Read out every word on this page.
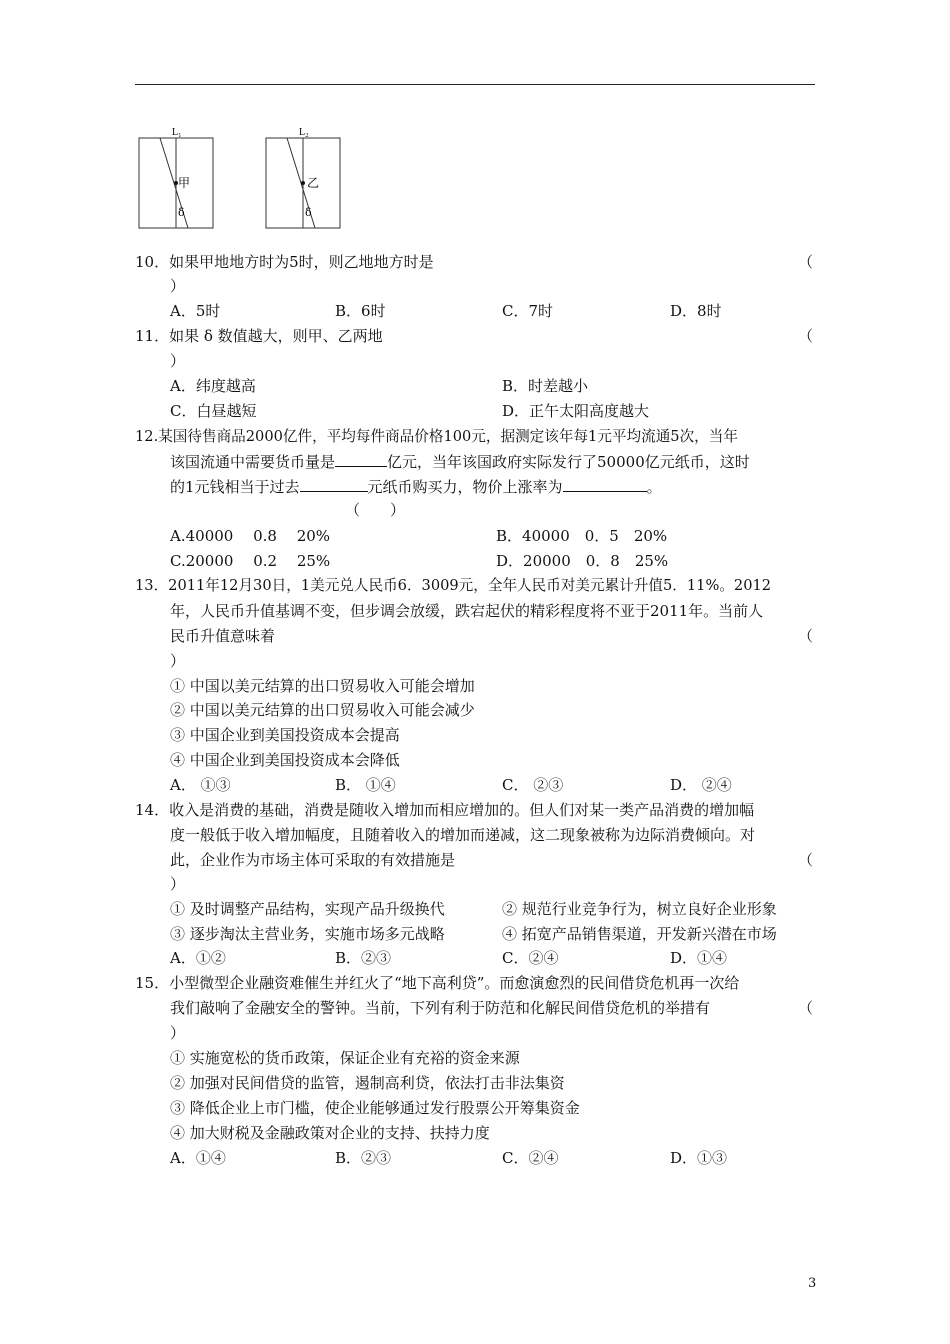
L₁
甲
δ
L₂
乙
δ
10．如果甲地地方时为5时，则乙地地方时是	（
）
A．5时	B．6时	C．7时	D．8时
11．如果 δ 数值越大，则甲、乙两地	（
）
A．纬度越高	B．时差越小
C．白昼越短	D．正午太阳高度越大
12.某国待售商品2000亿件，平均每件商品价格100元，据测定该年每1元平均流通5次，当年
该国流通中需要货币量是	亿元，当年该国政府实际发行了50000亿元纸币，这时
的1元钱相当于过去	元纸币购买力，物价上涨率为	。
（　　）
A.40000　 0.8 　20%	B．40000　0．5　20%
C.20000　 0.2 　25%	D．20000　0．8　25%
13．2011年12月30日，1美元兑人民币6．3009元，全年人民币对美元累计升值5．11%。2012
年，人民币升值基调不变，但步调会放缓，跌宕起伏的精彩程度将不亚于2011年。当前人
民币升值意味着	（
）
① 中国以美元结算的出口贸易收入可能会增加
② 中国以美元结算的出口贸易收入可能会减少
③ 中国企业到美国投资成本会提高
④ 中国企业到美国投资成本会降低
A． ①③	B． ①④	C． ②③	D． ②④
14．收入是消费的基础，消费是随收入增加而相应增加的。但人们对某一类产品消费的增加幅
度一般低于收入增加幅度，且随着收入的增加而递减，这二现象被称为边际消费倾向。对
此，企业作为市场主体可采取的有效措施是	（
）
① 及时调整产品结构，实现产品升级换代	② 规范行业竞争行为，树立良好企业形象
③ 逐步淘汰主营业务，实施市场多元战略	④ 拓宽产品销售渠道，开发新兴潜在市场
A．①②	B．②③	C．②④	D．①④
15．小型微型企业融资难催生并红火了“地下高利贷”。而愈演愈烈的民间借贷危机再一次给
我们敲响了金融安全的警钟。当前，下列有利于防范和化解民间借贷危机的举措有	（
）
① 实施宽松的货币政策，保证企业有充裕的资金来源
② 加强对民间借贷的监管，遏制高利贷，依法打击非法集资
③ 降低企业上市门槛，使企业能够通过发行股票公开筹集资金
④ 加大财税及金融政策对企业的支持、扶持力度
A．①④	B．②③	C．②④	D．①③
3
